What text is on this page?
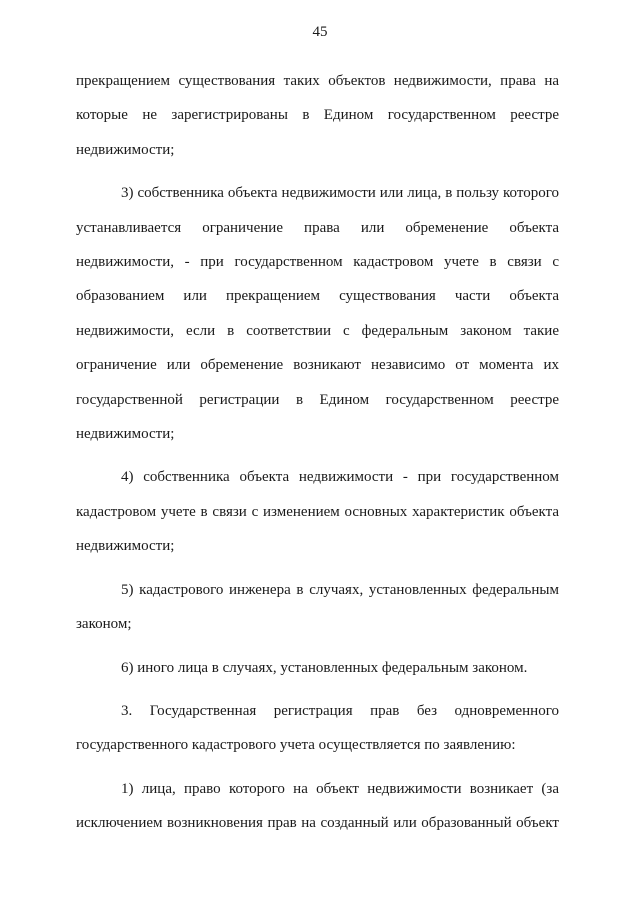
45

прекращением существования таких объектов недвижимости, права на которые не зарегистрированы в Едином государственном реестре недвижимости;

3) собственника объекта недвижимости или лица, в пользу которого устанавливается ограничение права или обременение объекта недвижимости, - при государственном кадастровом учете в связи с образованием или прекращением существования части объекта недвижимости, если в соответствии с федеральным законом такие ограничение или обременение возникают независимо от момента их государственной регистрации в Едином государственном реестре недвижимости;

4) собственника объекта недвижимости - при государственном кадастровом учете в связи с изменением основных характеристик объекта недвижимости;

5) кадастрового инженера в случаях, установленных федеральным законом;

6) иного лица в случаях, установленных федеральным законом.

3. Государственная регистрация прав без одновременного государственного кадастрового учета осуществляется по заявлению:

1) лица, право которого на объект недвижимости возникает (за исключением возникновения прав на созданный или образованный объект
